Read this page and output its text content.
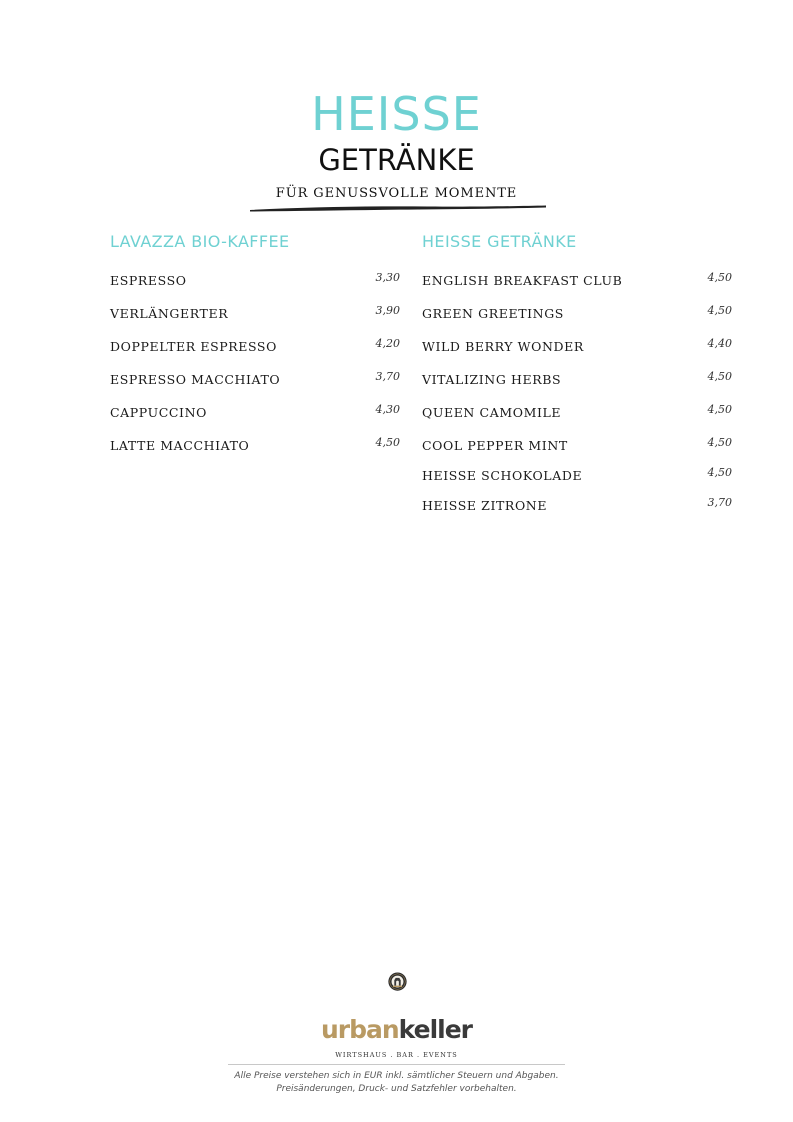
HEISSE
GETRÄNKE
FÜR GENUSSVOLLE MOMENTE
LAVAZZA BIO-KAFFEE
ESPRESSO	3,30
VERLÄNGERTER	3,90
DOPPELTER ESPRESSO	4,20
ESPRESSO MACCHIATO	3,70
CAPPUCCINO	4,30
LATTE MACCHIATO	4,50
HEISSE GETRÄNKE
ENGLISH BREAKFAST CLUB	4,50
GREEN GREETINGS	4,50
WILD BERRY WONDER	4,40
VITALIZING HERBS	4,50
QUEEN CAMOMILE	4,50
COOL PEPPER MINT	4,50
HEISSE SCHOKOLADE	4,50
HEISSE ZITRONE	3,70
urbankeller
WIRTSHAUS . BAR . EVENTS
Alle Preise verstehen sich in EUR inkl. sämtlicher Steuern und Abgaben.
Preisänderungen, Druck- und Satzfehler vorbehalten.
